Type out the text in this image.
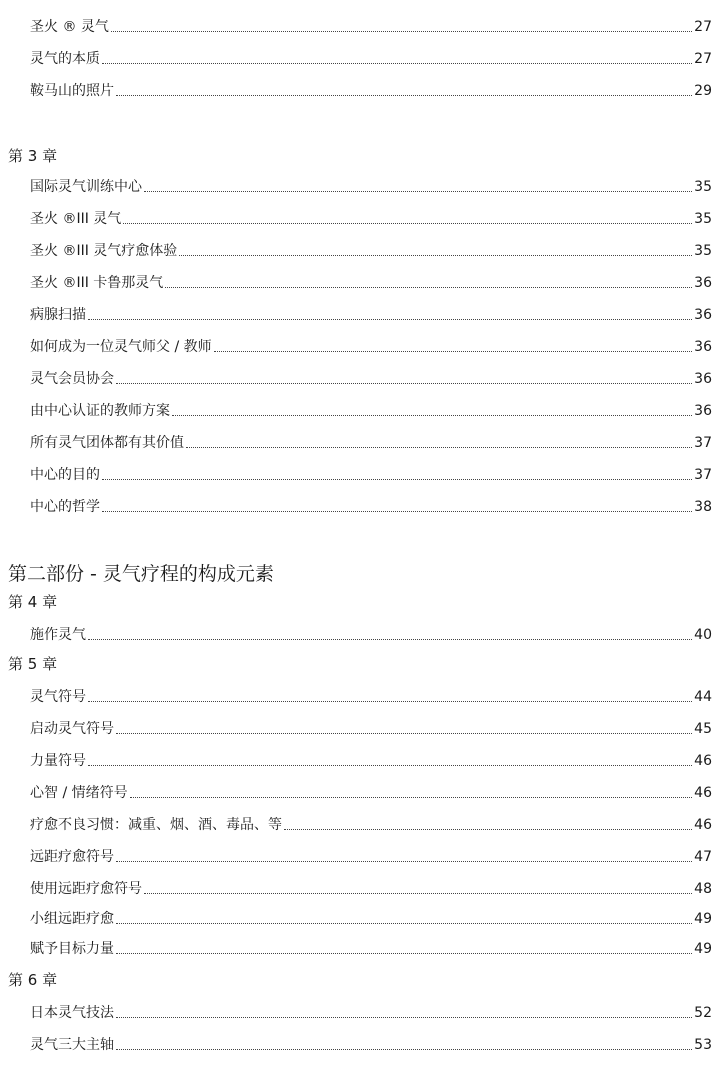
圣火 ® 灵气	27
灵气的本质	27
鞍马山的照片	29
第 3 章
国际灵气训练中心	35
圣火 ®III 灵气	35
圣火 ®III 灵气疗愈体验	35
圣火 ®III 卡鲁那灵气	36
病腺扫描	36
如何成为一位灵气师父 / 教师	36
灵气会员协会	36
由中心认证的教师方案	36
所有灵气团体都有其价值	37
中心的目的	37
中心的哲学	38
第二部份 - 灵气疗程的构成元素
第 4 章
施作灵气	40
第 5 章
灵气符号	44
启动灵气符号	45
力量符号	46
心智 / 情绪符号	46
疗愈不良习惯：减重、烟、酒、毒品、等	46
远距疗愈符号	47
使用远距疗愈符号	48
小组远距疗愈	49
赋予目标力量	49
第 6 章
日本灵气技法	52
灵气三大主轴	53
